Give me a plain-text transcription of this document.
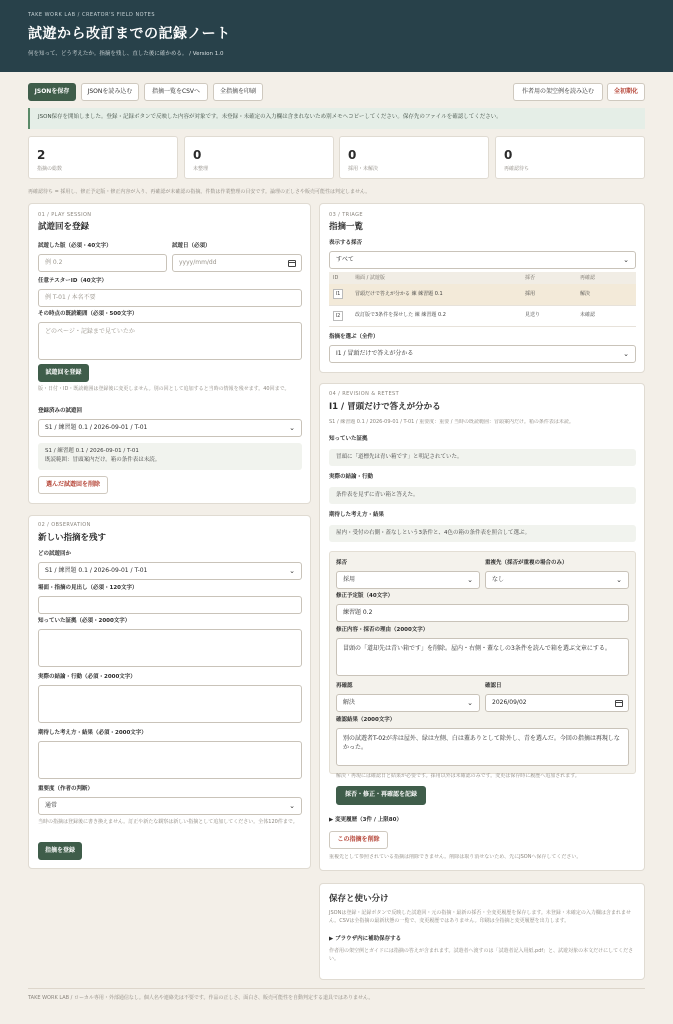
TAKE WORK LAB / CREATOR'S FIELD NOTES
試遊から改訂までの記録ノート
何を知って、どう考えたか。指摘を残し、直した後に確かめる。 / Version 1.0
JSONを保存	JSONを読み込む	指摘一覧をCSVへ	全指摘を印刷	作者用の架空例を読み込む	全初期化
JSON保存を開始しました。登録・記録ボタンで反映した内容が対象です。未登録・未確定の入力欄は含まれないため別メモへコピーしてください。保存先のファイルを確認してください。
2
指摘の総数
0
未整理
0
採用・未解決
0
再確認待ち
再確認待ち = 採用し、修正予定版・修正内容が入り、再確認が未確認の指摘。件数は作業整理の目安です。論理の正しさや販売可能性は判定しません。
01 / PLAY SESSION
試遊回を登録
試遊した版（必須・40文字）
例 0.2
試遊日（必須）
yyyy/mm/dd
任意テスターID（40文字）
例 T-01 / 本名不要
その時点の既読範囲（必須・500文字）
どのページ・記録まで見ていたか
試遊回を登録
版・日付・ID・既読範囲は登録後に変更しません。別の回として追加すると当時の情報を残せます。40回まで。
登録済みの試遊回
S1 / 練習題 0.1 / 2026-09-01 / T-01	⌄
S1 / 練習題 0.1 / 2026-09-01 / T-01
既読範囲：冒頭案内だけ。箱の条件表は未読。
選んだ試遊回を削除
02 / OBSERVATION
新しい指摘を残す
どの試遊回か
S1 / 練習題 0.1 / 2026-09-01 / T-01	⌄
場面・指摘の見出し（必須・120文字）
知っていた証拠（必須・2000文字）
実際の結論・行動（必須・2000文字）
期待した考え方・結果（必須・2000文字）
重要度（作者の判断）
通常	⌄
当時の指摘は登録後に書き換えません。訂正や新たな観察は新しい指摘として追加してください。全体120件まで。
指摘を登録
03 / TRIAGE
指摘一覧
表示する採否
すべて	⌄
ID	場面 / 試遊版	採否	再確認
I1	冒頭だけで答えが分かる 練 練習題 0.1	採用	解決
I2	改訂版で3条件を探せした 練 練習題 0.2	見送り	未確認
指摘を選ぶ（全件）
I1 / 冒頭だけで答えが分かる	⌄
04 / REVISION & RETEST
I1 / 冒頭だけで答えが分かる
S1 / 練習題 0.1 / 2026-09-01 / T-01 / 重要度：重要 / 当時の既読範囲：冒頭案内だけ。箱の条件表は未読。
知っていた証拠
冒頭に「道標先は青い箱です」と明記されていた。
実際の結論・行動
条件表を見ずに青い箱と答えた。
期待した考え方・結果
屋内・受付の右側・蓋なしという3条件と、4色の箱の条件表を照合して選ぶ。
採否
採用	⌄
重複先（採否が重複の場合のみ）
なし	⌄
修正予定版（40文字）
練習題 0.2
修正内容・採否の理由（2000文字）
冒頭の「道却先は青い箱です」を削除。屋内・右側・蓋なしの3条件を読んで箱を選ぶ文章にする。
再確認
解決	⌄
確認日
2026/09/02
確認結果（2000文字）
別の試遊者T-02が赤は屋外、緑は左側、白は蓋ありとして除外し、青を選んだ。今回の指摘は再現しなかった。
解決・再現には確認日と結果が必要です。採用以外は未確認のみです。変更は保存時に履歴へ追加されます。
採否・修正・再確認を記録
▶ 変更履歴（3件 / 上限80）
この指摘を削除
重複先として参照されている指摘は削除できません。削除は取り消せないため、先にJSONへ保存してください。
保存と使い分け
JSONは登録・記録ボタンで反映した試遊回・元の指摘・最新の採否・全変更履歴を保存します。未登録・未確定の入力欄は含まれません。CSVは全指摘の最新状態の一覧で、変更履歴ではありません。印刷は全指摘と変更履歴を出力します。
▶ ブラウザ内に補助保存する
作者用の架空例とガイドには指摘の答えが含まれます。試遊者へ渡すのは「試遊者記入用紙.pdf」と、試遊対象の本文だけにしてください。
TAKE WORK LAB / ローカル専用・外部通信なし。個人名や連絡先は不要です。作品の正しさ、面白さ、販売可能性を自動判定する道具ではありません。
